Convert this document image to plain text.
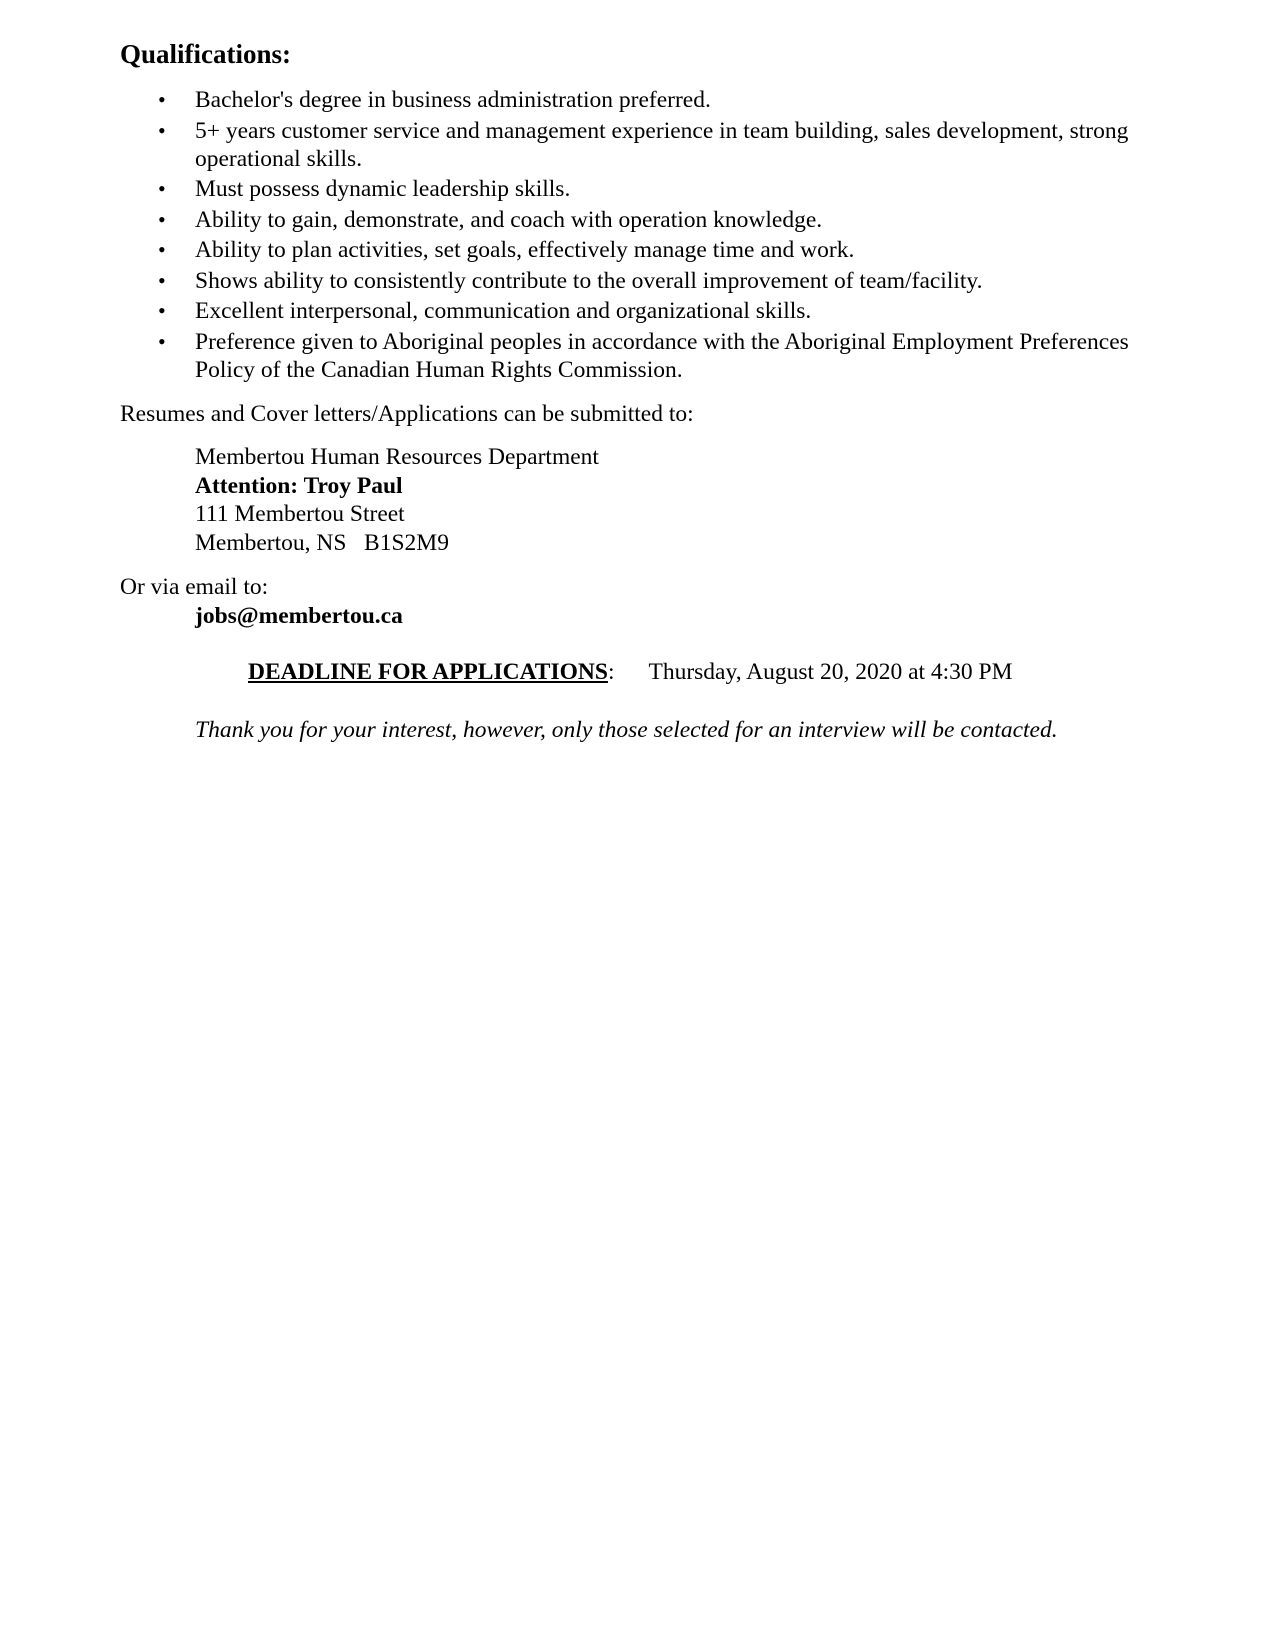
Qualifications:
• Bachelor's degree in business administration preferred.
• 5+ years customer service and management experience in team building, sales development, strong operational skills.
• Must possess dynamic leadership skills.
• Ability to gain, demonstrate, and coach with operation knowledge.
• Ability to plan activities, set goals, effectively manage time and work.
• Shows ability to consistently contribute to the overall improvement of team/facility.
• Excellent interpersonal, communication and organizational skills.
• Preference given to Aboriginal peoples in accordance with the Aboriginal Employment Preferences Policy of the Canadian Human Rights Commission.

Resumes and Cover letters/Applications can be submitted to:

Membertou Human Resources Department
Attention: Troy Paul
111 Membertou Street
Membertou, NS   B1S2M9

Or via email to:

jobs@membertou.ca

DEADLINE FOR APPLICATIONS: Thursday, August 20, 2020 at 4:30 PM
Thank you for your interest, however, only those selected for an interview will be contacted.
